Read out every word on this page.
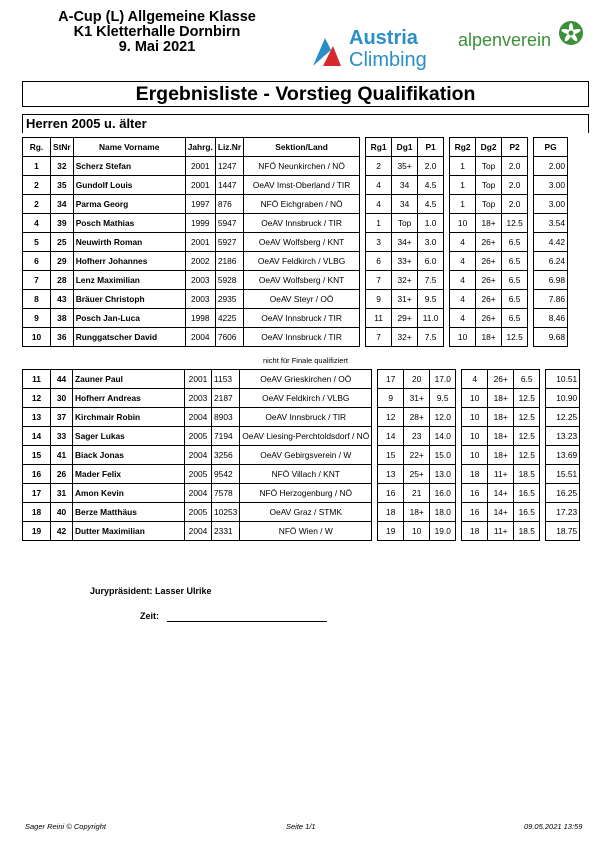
A-Cup (L) Allgemeine Klasse
K1 Kletterhalle Dornbirn
9. Mai 2021	Austria
Climbing
alpenverein
Ergebnisliste - Vorstieg Qualifikation
Herren 2005 u. älter
Rg.	StNr	Name Vorname	Jahrg.	Liz.Nr	Sektion/Land		Rg1	Dg1	P1		Rg2	Dg2	P2		PG
1	32	Scherz Stefan	2001	1247	NFÖ Neunkirchen / NÖ		2	35+	2.0		1	Top	2.0		2.00
2	35	Gundolf Louis	2001	1447	OeAV Imst-Oberland / TIR		4	34	4.5		1	Top	2.0		3.00
2	34	Parma Georg	1997	876	NFÖ Eichgraben / NÖ		4	34	4.5		1	Top	2.0		3.00
4	39	Posch Mathias	1999	5947	OeAV Innsbruck / TIR		1	Top	1.0		10	18+	12.5		3.54
5	25	Neuwirth Roman	2001	5927	OeAV Wolfsberg / KNT		3	34+	3.0		4	26+	6.5		4.42
6	29	Hofherr Johannes	2002	2186	OeAV Feldkirch / VLBG		6	33+	6.0		4	26+	6.5		6.24
7	28	Lenz Maximilian	2003	5928	OeAV Wolfsberg / KNT		7	32+	7.5		4	26+	6.5		6.98
8	43	Bräuer Christoph	2003	2935	OeAV Steyr / OÖ		9	31+	9.5		4	26+	6.5		7.86
9	38	Posch Jan-Luca	1998	4225	OeAV Innsbruck / TIR		11	29+	11.0		4	26+	6.5		8.46
10	36	Runggatscher David	2004	7606	OeAV Innsbruck / TIR		7	32+	7.5		10	18+	12.5		9.68
nicht für Finale qualifiziert
11	44	Zauner Paul	2001	1153	OeAV Grieskirchen / OÖ		17	20	17.0		4	26+	6.5		10.51
12	30	Hofherr Andreas	2003	2187	OeAV Feldkirch / VLBG		9	31+	9.5		10	18+	12.5		10.90
13	37	Kirchmair Robin	2004	8903	OeAV Innsbruck / TIR		12	28+	12.0		10	18+	12.5		12.25
14	33	Sager Lukas	2005	7194	OeAV Liesing-Perchtoldsdorf / NÖ		14	23	14.0		10	18+	12.5		13.23
15	41	Biack Jonas	2004	3256	OeAV Gebirgsverein / W		15	22+	15.0		10	18+	12.5		13.69
16	26	Mader Felix	2005	9542	NFÖ Villach / KNT		13	25+	13.0		18	11+	18.5		15.51
17	31	Amon Kevin	2004	7578	NFÖ Herzogenburg / NÖ		16	21	16.0		16	14+	16.5		16.25
18	40	Berze Matthäus	2005	10253	OeAV Graz / STMK		18	18+	18.0		16	14+	16.5		17.23
19	42	Dutter Maximilian	2004	2331	NFÖ Wien / W		19	10	19.0		18	11+	18.5		18.75
Jurypräsident: Lasser Ulrike
Zeit:
Sager Reini © Copyright	Seite 1/1	09.05.2021 13:59
